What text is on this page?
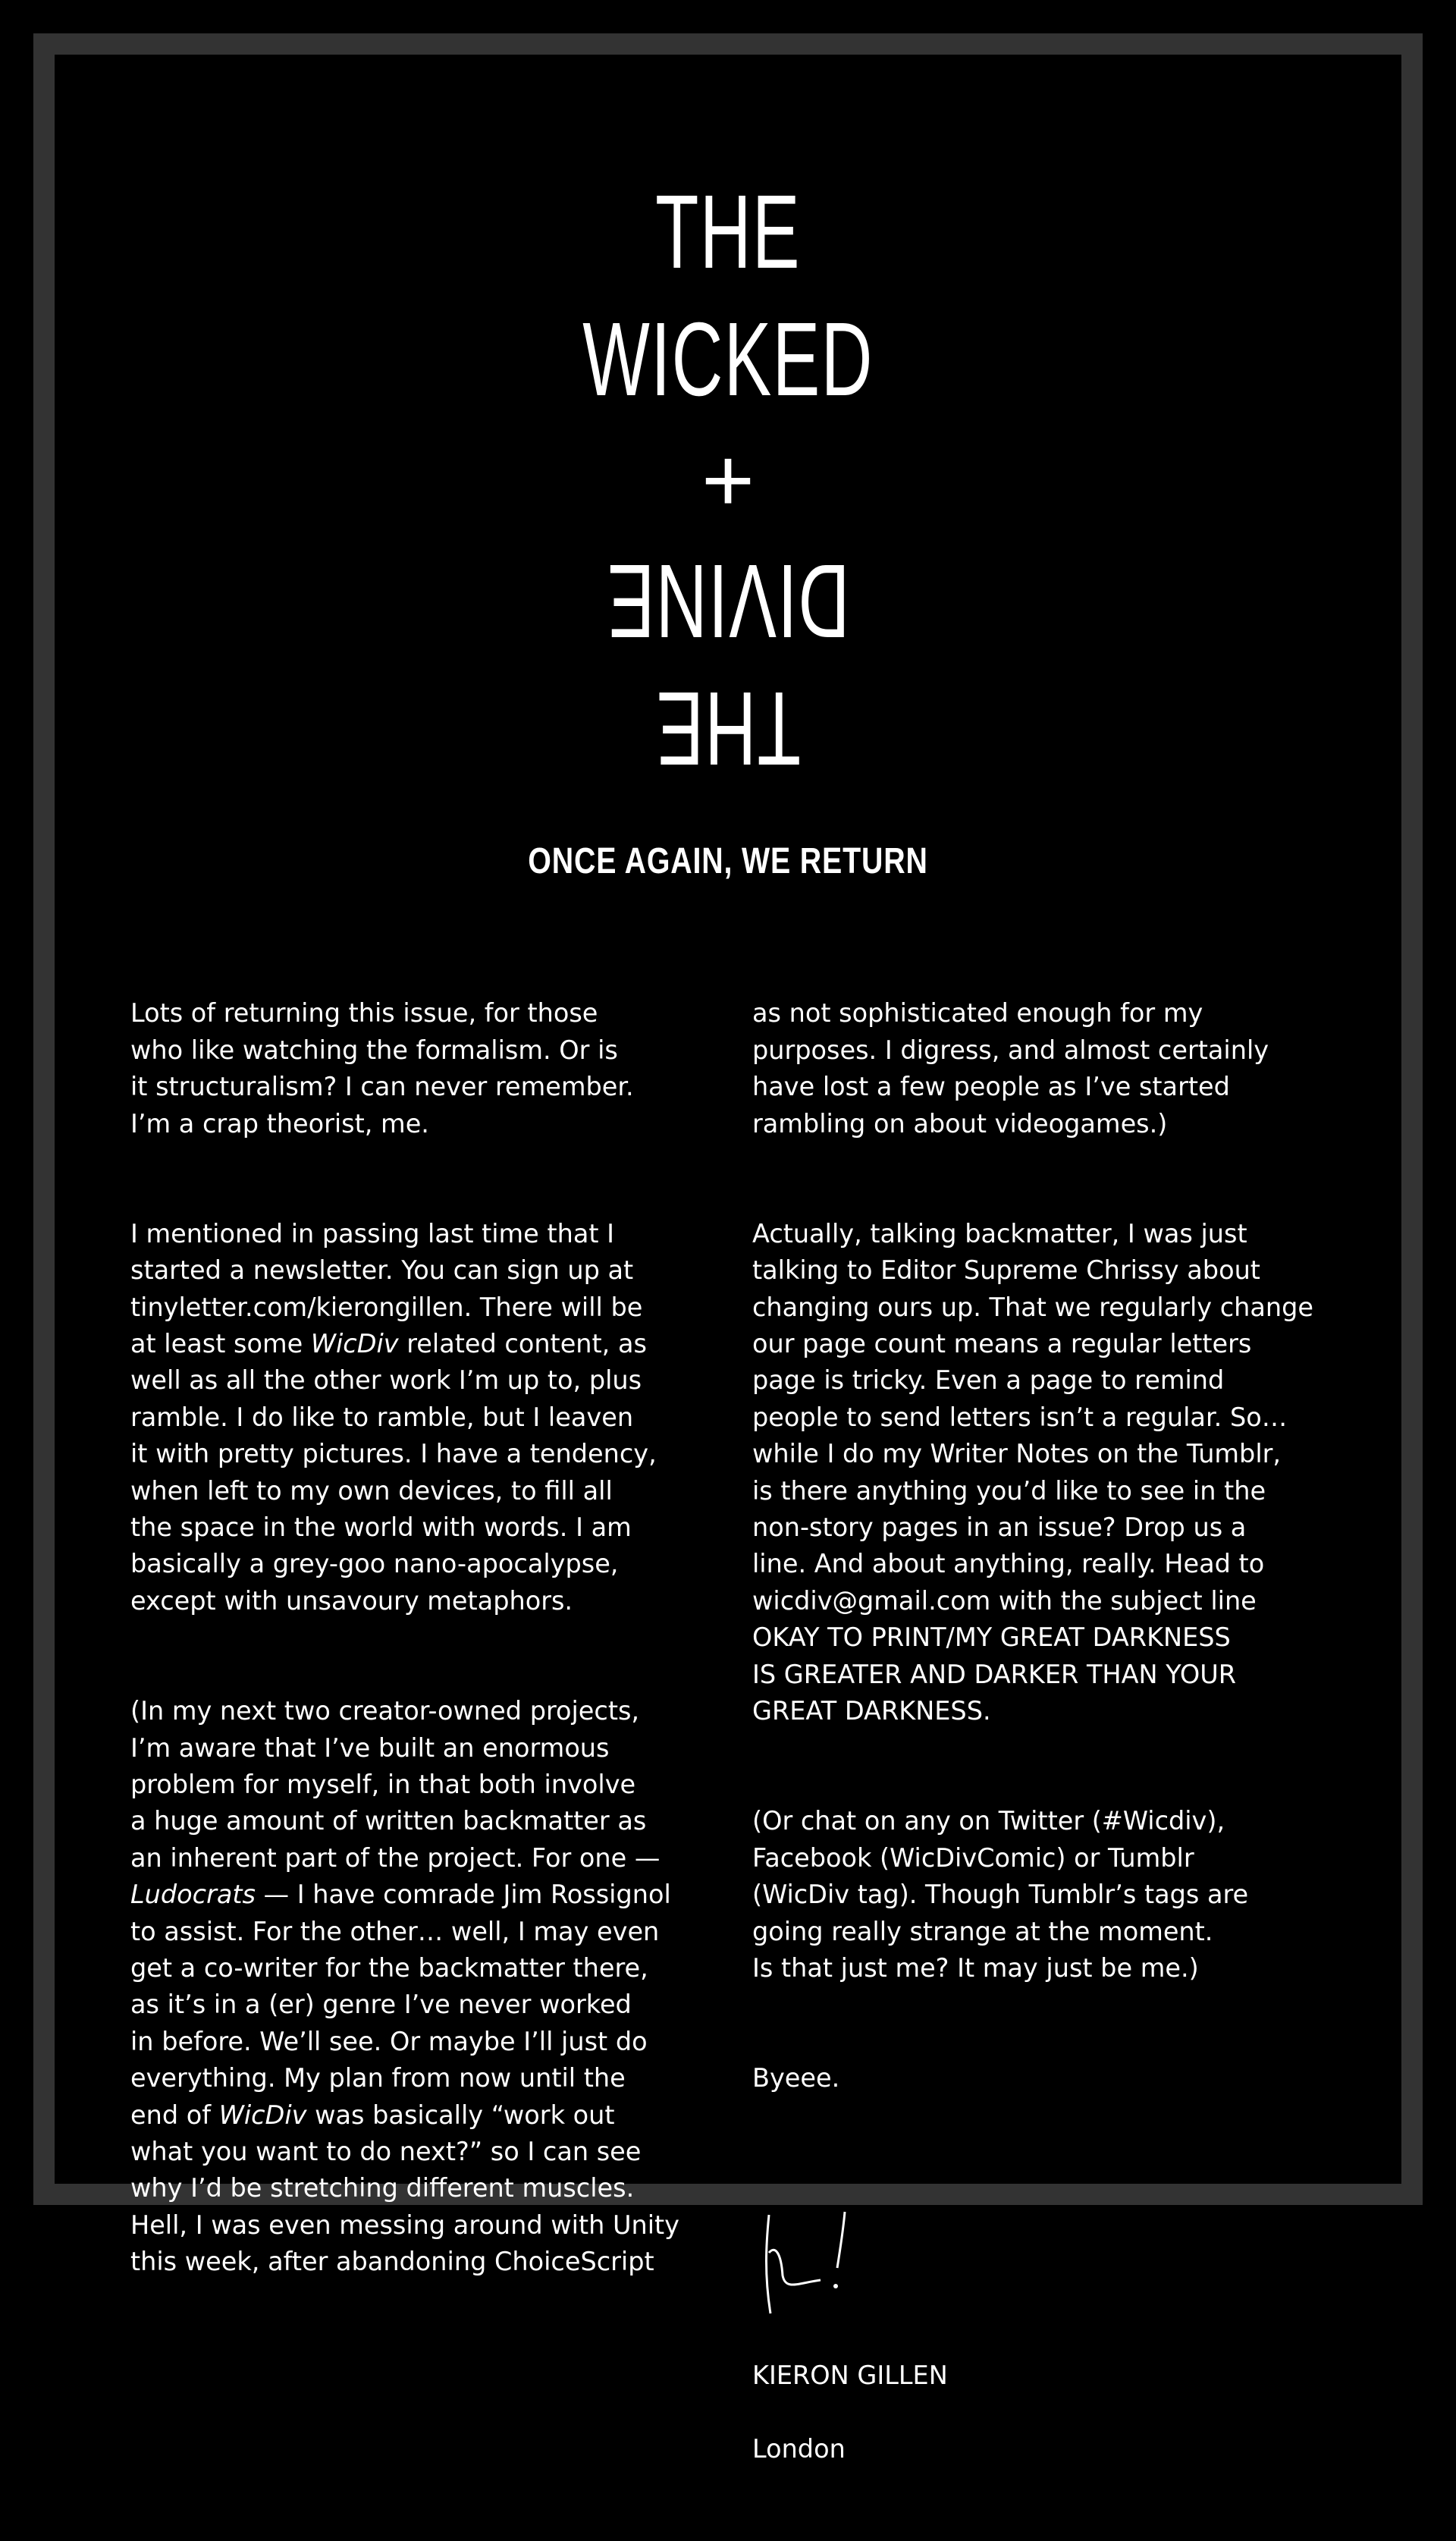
THE
WICKED
+
DIVINE
THE
ONCE AGAIN, WE RETURN

Lots of returning this issue, for those
who like watching the formalism. Or is
it structuralism? I can never remember.
I’m a crap theorist, me.

I mentioned in passing last time that I
started a newsletter. You can sign up at
tinyletter.com/kierongillen. There will be
at least some WicDiv related content, as
well as all the other work I’m up to, plus
ramble. I do like to ramble, but I leaven
it with pretty pictures. I have a tendency,
when left to my own devices, to fill all
the space in the world with words. I am
basically a grey-goo nano-apocalypse,
except with unsavoury metaphors.

(In my next two creator-owned projects,
I’m aware that I’ve built an enormous
problem for myself, in that both involve
a huge amount of written backmatter as
an inherent part of the project. For one —
Ludocrats — I have comrade Jim Rossignol
to assist. For the other… well, I may even
get a co-writer for the backmatter there,
as it’s in a (er) genre I’ve never worked
in before. We’ll see. Or maybe I’ll just do
everything. My plan from now until the
end of WicDiv was basically “work out
what you want to do next?” so I can see
why I’d be stretching different muscles.
Hell, I was even messing around with Unity
this week, after abandoning ChoiceScript

as not sophisticated enough for my
purposes. I digress, and almost certainly
have lost a few people as I’ve started
rambling on about videogames.)

Actually, talking backmatter, I was just
talking to Editor Supreme Chrissy about
changing ours up. That we regularly change
our page count means a regular letters
page is tricky. Even a page to remind
people to send letters isn’t a regular. So…
while I do my Writer Notes on the Tumblr,
is there anything you’d like to see in the
non-story pages in an issue? Drop us a
line. And about anything, really. Head to
wicdiv@gmail.com with the subject line
OKAY TO PRINT/MY GREAT DARKNESS
IS GREATER AND DARKER THAN YOUR
GREAT DARKNESS.

(Or chat on any on Twitter (#Wicdiv),
Facebook (WicDivComic) or Tumblr
(WicDiv tag). Though Tumblr’s tags are
going really strange at the moment.
Is that just me? It may just be me.)

Byeee.

KIERON GILLEN

London
